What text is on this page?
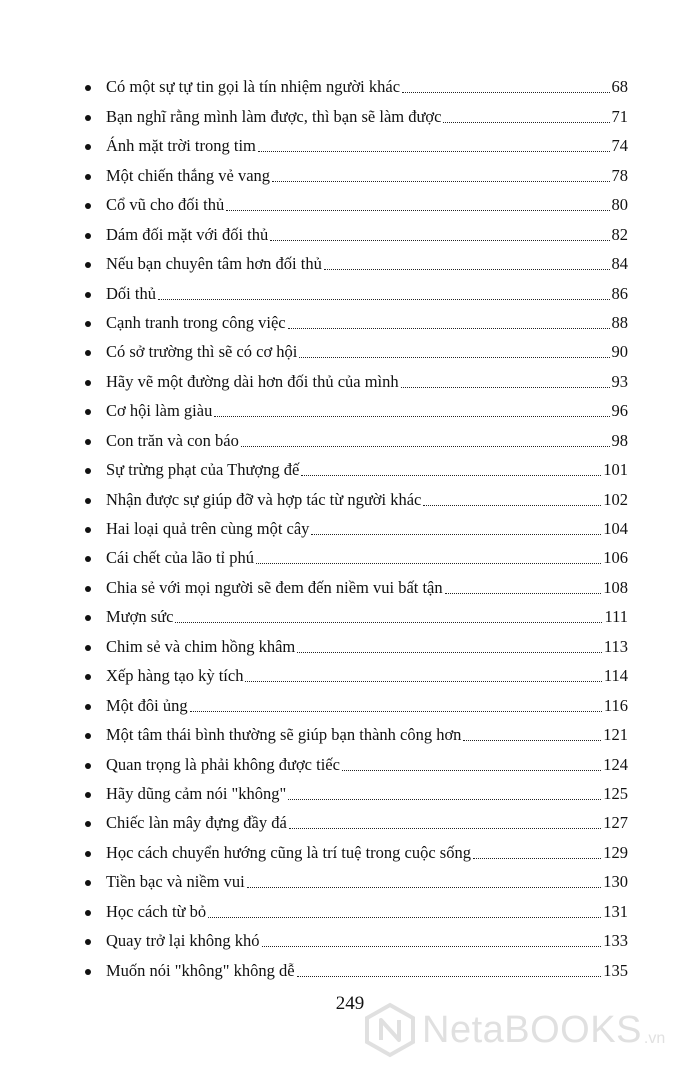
Có một sự tự tin gọi là tín nhiệm người khác	68
Bạn nghĩ rằng mình làm được, thì bạn sẽ làm được	71
Ánh mặt trời trong tim	74
Một chiến thắng vẻ vang	78
Cổ vũ cho đối thủ	80
Dám đối mặt với đối thủ	82
Nếu bạn chuyên tâm hơn đối thủ	84
Dối thủ	86
Cạnh tranh trong công việc	88
Có sở trường thì sẽ có cơ hội	90
Hãy vẽ một đường dài hơn đối thủ của mình	93
Cơ hội làm giàu	96
Con trăn và con báo	98
Sự trừng phạt của Thượng đế	101
Nhận được sự giúp đỡ và hợp tác từ người khác	102
Hai loại quả trên cùng một cây	104
Cái chết của lão tỉ phú	106
Chia sẻ với mọi người sẽ đem đến niềm vui bất tận	108
Mượn sức	111
Chim sẻ và chim hồng khâm	113
Xếp hàng tạo kỳ tích	114
Một đôi ủng	116
Một tâm thái bình thường sẽ giúp bạn thành công hơn	121
Quan trọng là phải không được tiếc	124
Hãy dũng cảm nói "không"	125
Chiếc làn mây đựng đầy đá	127
Học cách chuyển hướng cũng là trí tuệ trong cuộc sống	129
Tiền bạc và niềm vui	130
Học cách từ bỏ	131
Quay trở lại không khó	133
Muốn nói "không" không dễ	135
249
NetaBOOKS .vn
